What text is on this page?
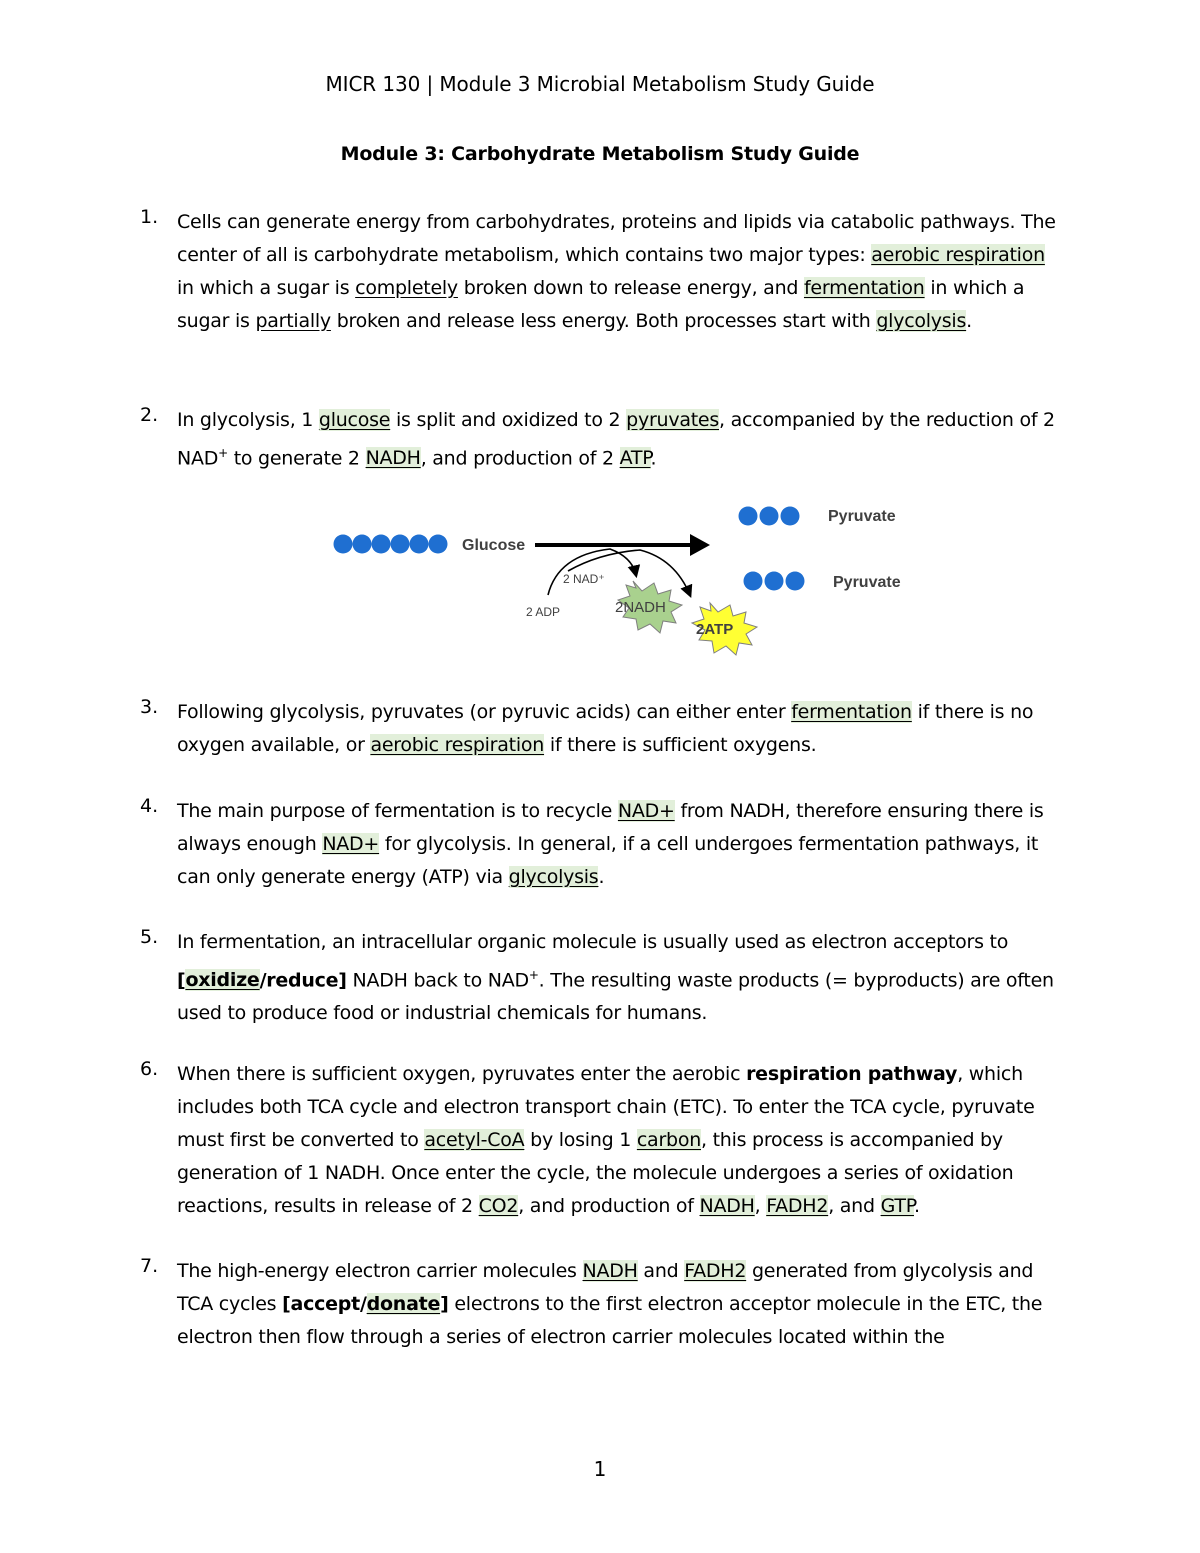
MICR 130 | Module 3 Microbial Metabolism Study Guide
Module 3: Carbohydrate Metabolism Study Guide
1. Cells can generate energy from carbohydrates, proteins and lipids via catabolic pathways. The center of all is carbohydrate metabolism, which contains two major types: aerobic respiration in which a sugar is completely broken down to release energy, and fermentation in which a sugar is partially broken and release less energy. Both processes start with glycolysis.
2. In glycolysis, 1 glucose is split and oxidized to 2 pyruvates, accompanied by the reduction of 2 NAD+ to generate 2 NADH, and production of 2 ATP.
Glucose
Pyruvate
Pyruvate
2 NAD⁺
2 ADP	2NADH
2ATP
3. Following glycolysis, pyruvates (or pyruvic acids) can either enter fermentation if there is no oxygen available, or aerobic respiration if there is sufficient oxygens.
4. The main purpose of fermentation is to recycle NAD+ from NADH, therefore ensuring there is always enough NAD+ for glycolysis. In general, if a cell undergoes fermentation pathways, it can only generate energy (ATP) via glycolysis.
5. In fermentation, an intracellular organic molecule is usually used as electron acceptors to [oxidize/reduce] NADH back to NAD+. The resulting waste products (= byproducts) are often used to produce food or industrial chemicals for humans.
6. When there is sufficient oxygen, pyruvates enter the aerobic respiration pathway, which includes both TCA cycle and electron transport chain (ETC). To enter the TCA cycle, pyruvate must first be converted to acetyl-CoA by losing 1 carbon, this process is accompanied by generation of 1 NADH. Once enter the cycle, the molecule undergoes a series of oxidation reactions, results in release of 2 CO2, and production of NADH, FADH2, and GTP.
7. The high-energy electron carrier molecules NADH and FADH2 generated from glycolysis and TCA cycles [accept/donate] electrons to the first electron acceptor molecule in the ETC, the electron then flow through a series of electron carrier molecules located within the
1
